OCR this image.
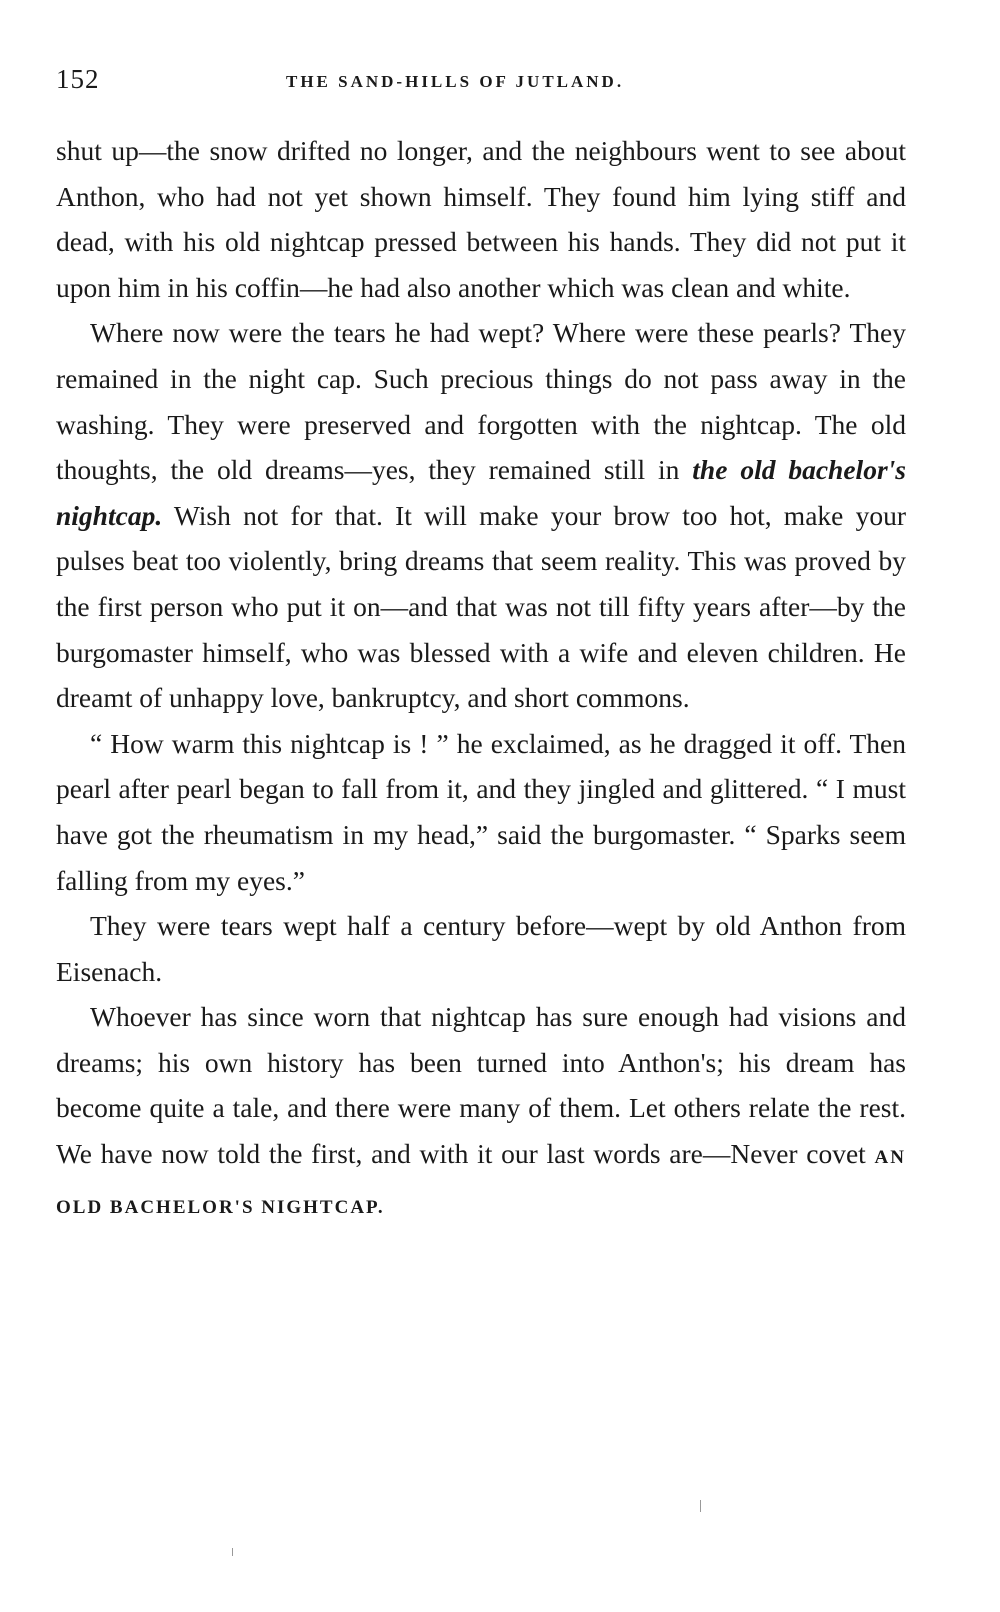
152	THE SAND-HILLS OF JUTLAND.

shut up—the snow drifted no longer, and the neighbours went to see about Anthon, who had not yet shown himself. They found him lying stiff and dead, with his old nightcap pressed between his hands. They did not put it upon him in his coffin—he had also another which was clean and white.

Where now were the tears he had wept? Where were these pearls? They remained in the night cap. Such precious things do not pass away in the washing. They were preserved and forgotten with the nightcap. The old thoughts, the old dreams—yes, they remained still in the old bachelor's nightcap. Wish not for that. It will make your brow too hot, make your pulses beat too violently, bring dreams that seem reality. This was proved by the first person who put it on—and that was not till fifty years after—by the burgomaster himself, who was blessed with a wife and eleven children. He dreamt of unhappy love, bankruptcy, and short commons.

“ How warm this nightcap is ! ” he exclaimed, as he dragged it off. Then pearl after pearl began to fall from it, and they jingled and glittered. “ I must have got the rheumatism in my head,” said the burgomaster. “ Sparks seem falling from my eyes.”

They were tears wept half a century before—wept by old Anthon from Eisenach.

Whoever has since worn that nightcap has sure enough had visions and dreams; his own history has been turned into Anthon's; his dream has become quite a tale, and there were many of them. Let others relate the rest. We have now told the first, and with it our last words are—Never covet AN OLD BACHELOR'S NIGHTCAP.
